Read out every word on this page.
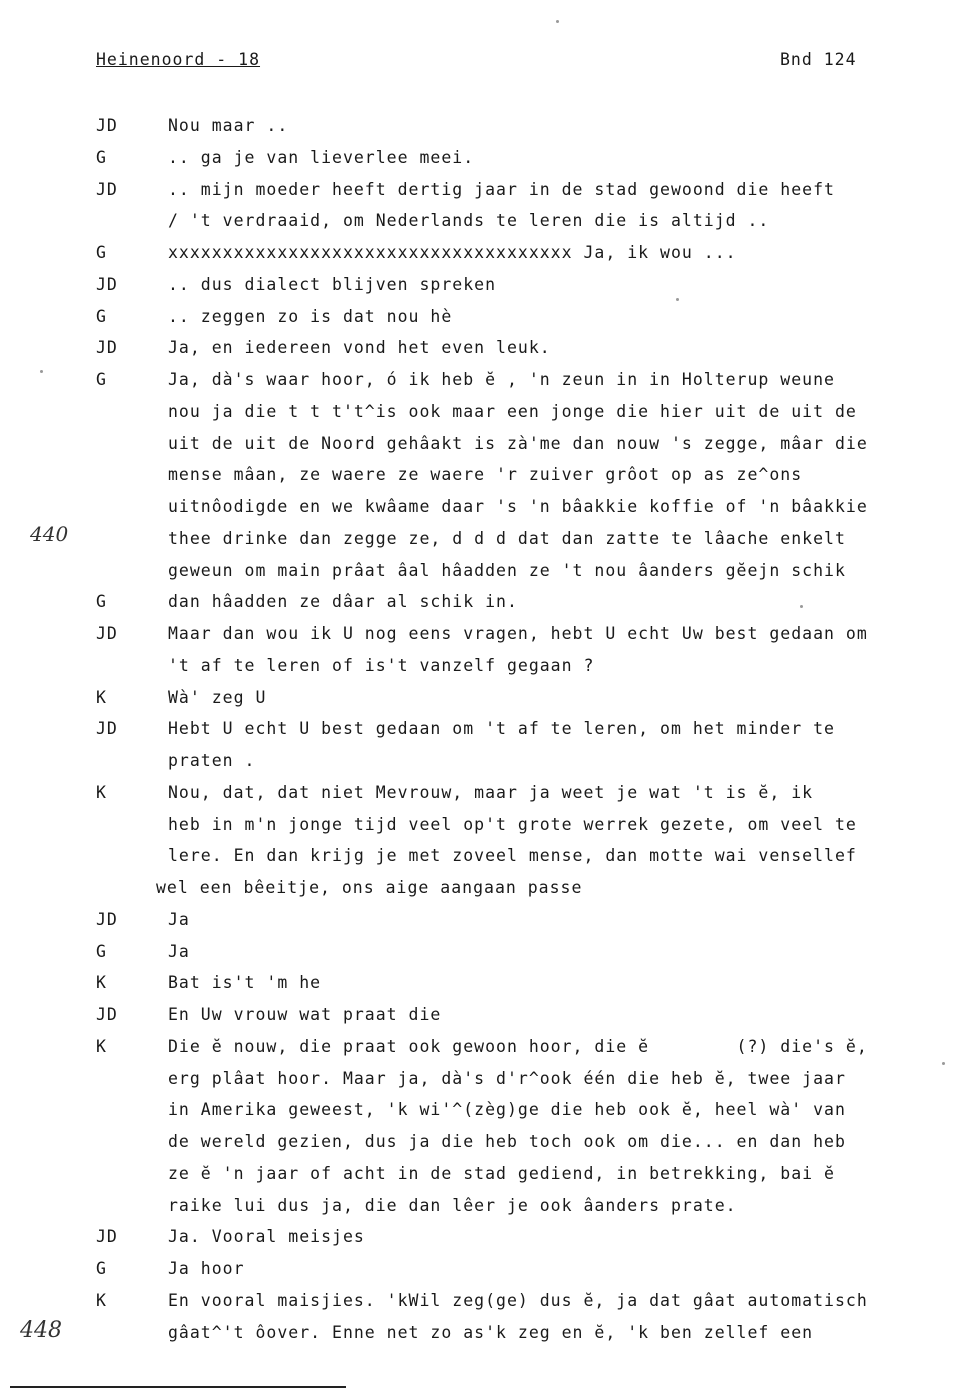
Heinenoord - 18	Bnd 124
JD	Nou maar ..
G	.. ga je van lieverlee meei.
JD	.. mijn moeder heeft dertig jaar in de stad gewoond die heeft
/ 't verdraaid, om Nederlands te leren die is altijd ..
G	xxxxxxxxxxxxxxxxxxxxxxxxxxxxxxxxxxxxx Ja, ik wou ...
JD	.. dus dialect blijven spreken
G	.. zeggen zo is dat nou hè
JD	Ja, en iedereen vond het even leuk.
G	Ja, dà's waar hoor, ó ik heb ĕ , 'n zeun in in Holterup weune
nou ja die t t t't^is ook maar een jonge die hier uit de uit de
uit de uit de Noord gehâakt is zà'me dan nouw 's zegge, mâar die
mense mâan, ze waere ze waere 'r zuiver grôot op as ze^ons
uitnôodigde en we kwâame daar 's 'n bâakkie koffie of 'n bâakkie
thee drinke dan zegge ze, d d d dat dan zatte te lâache enkelt
geweun om main prâat âal hâadden ze 't nou âanders gĕejn schik
G	dan hâadden ze dâar al schik in.
JD	Maar dan wou ik U nog eens vragen, hebt U echt Uw best gedaan om
't af te leren of is't vanzelf gegaan ?
K	Wà' zeg U
JD	Hebt U echt U best gedaan om 't af te leren, om het minder te
praten .
K	Nou, dat, dat niet Mevrouw, maar ja weet je wat 't is ĕ, ik
heb in m'n jonge tijd veel op't grote werrek gezete, om veel te
lere. En dan krijg je met zoveel mense, dan motte wai vensellef
wel een bêeitje, ons aige aangaan passe
JD	Ja
G	Ja
K	Bat is't 'm he
JD	En Uw vrouw wat praat die
K	Die ĕ nouw, die praat ook gewoon hoor, die ĕ        (?) die's ĕ,
erg plâat hoor. Maar ja, dà's d'r^ook één die heb ĕ, twee jaar
in Amerika geweest, 'k wi'^(zèg)ge die heb ook ĕ, heel wà' van
de wereld gezien, dus ja die heb toch ook om die... en dan heb
ze ĕ 'n jaar of acht in de stad gediend, in betrekking, bai ĕ
raike lui dus ja, die dan lêer je ook âanders prate.
JD	Ja. Vooral meisjes
G	Ja hoor
K	En vooral maisjies. 'kWil zeg(ge) dus ĕ, ja dat gâat automatisch
gâat^'t ôover. Enne net zo as'k zeg en ĕ, 'k ben zellef een
440
448
